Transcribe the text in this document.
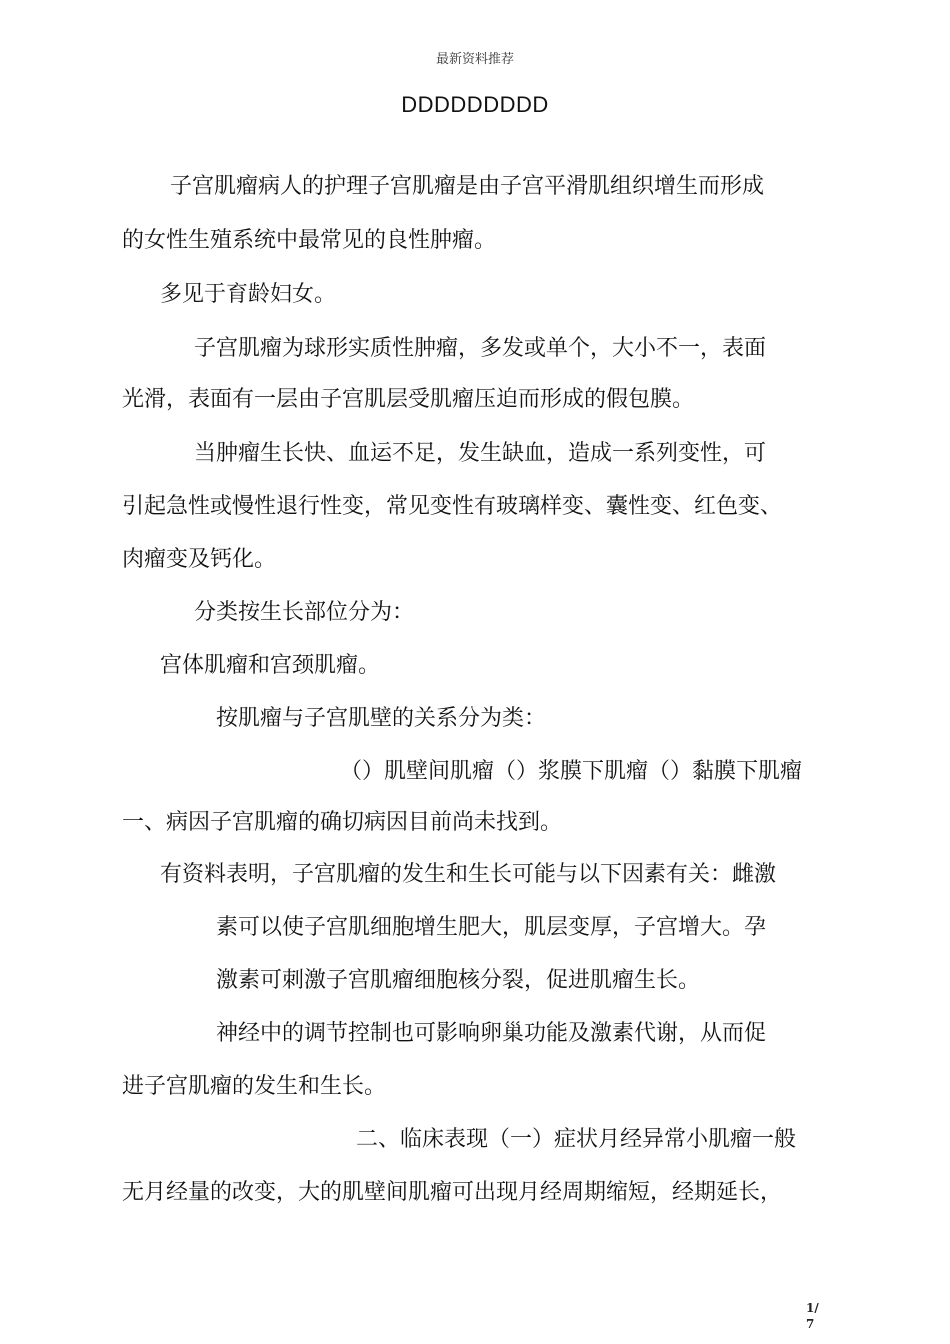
最新资料推荐
DDDDDDDDD
子宫肌瘤病人的护理子宫肌瘤是由子宫平滑肌组织增生而形成
的女性生殖系统中最常见的良性肿瘤。
多见于育龄妇女。
子宫肌瘤为球形实质性肿瘤，多发或单个，大小不一，表面
光滑，表面有一层由子宫肌层受肌瘤压迫而形成的假包膜。
当肿瘤生长快、血运不足，发生缺血，造成一系列变性，可
引起急性或慢性退行性变，常见变性有玻璃样变、囊性变、红色变、
肉瘤变及钙化。
分类按生长部位分为：
宫体肌瘤和宫颈肌瘤。
按肌瘤与子宫肌壁的关系分为类：
（）肌壁间肌瘤（）浆膜下肌瘤（）黏膜下肌瘤
一、病因子宫肌瘤的确切病因目前尚未找到。
有资料表明，子宫肌瘤的发生和生长可能与以下因素有关：雌激
素可以使子宫肌细胞增生肥大，肌层变厚，子宫增大。孕
激素可刺激子宫肌瘤细胞核分裂，促进肌瘤生长。
神经中的调节控制也可影响卵巢功能及激素代谢，从而促
进子宫肌瘤的发生和生长。
二、临床表现（一）症状月经异常小肌瘤一般
无月经量的改变，大的肌壁间肌瘤可出现月经周期缩短，经期延长，
1/
7
